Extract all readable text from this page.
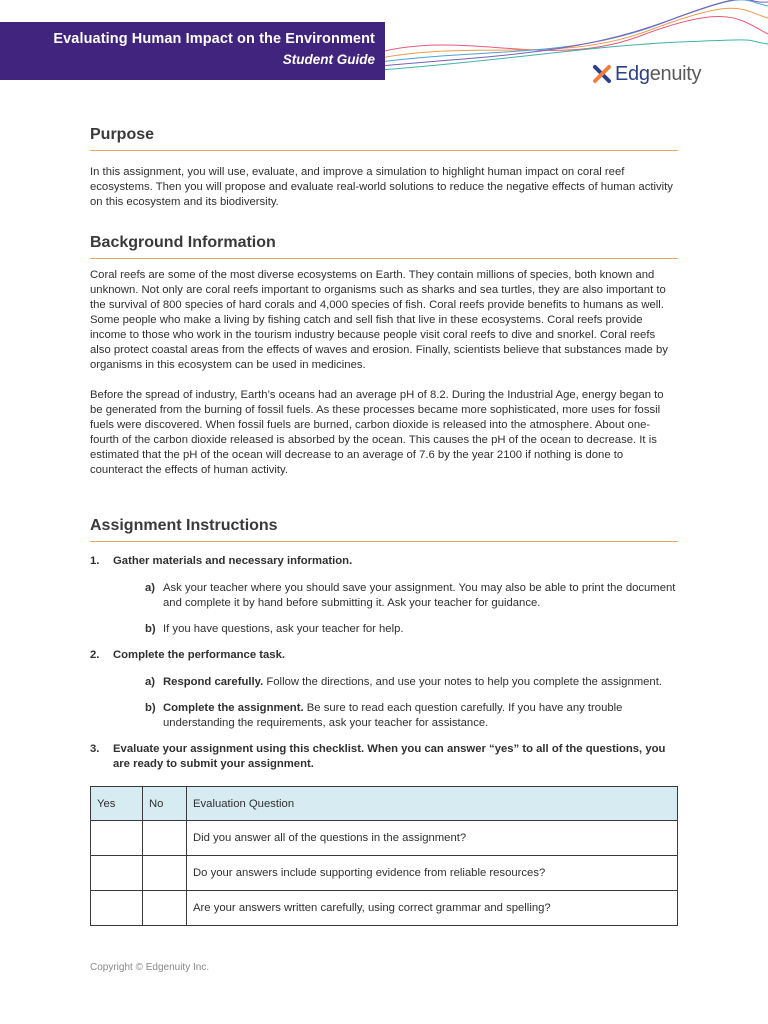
Evaluating Human Impact on the Environment
Student Guide
Edgenuity
Purpose

In this assignment, you will use, evaluate, and improve a simulation to highlight human impact on coral reef ecosystems. Then you will propose and evaluate real-world solutions to reduce the negative effects of human activity on this ecosystem and its biodiversity.

Background Information

Coral reefs are some of the most diverse ecosystems on Earth. They contain millions of species, both known and unknown. Not only are coral reefs important to organisms such as sharks and sea turtles, they are also important to the survival of 800 species of hard corals and 4,000 species of fish. Coral reefs provide benefits to humans as well. Some people who make a living by fishing catch and sell fish that live in these ecosystems. Coral reefs provide income to those who work in the tourism industry because people visit coral reefs to dive and snorkel. Coral reefs also protect coastal areas from the effects of waves and erosion. Finally, scientists believe that substances made by organisms in this ecosystem can be used in medicines.

Before the spread of industry, Earth’s oceans had an average pH of 8.2. During the Industrial Age, energy began to be generated from the burning of fossil fuels. As these processes became more sophisticated, more uses for fossil fuels were discovered. When fossil fuels are burned, carbon dioxide is released into the atmosphere. About one-fourth of the carbon dioxide released is absorbed by the ocean. This causes the pH of the ocean to decrease. It is estimated that the pH of the ocean will decrease to an average of 7.6 by the year 2100 if nothing is done to counteract the effects of human activity.

Assignment Instructions
1.	Gather materials and necessary information.
a) Ask your teacher where you should save your assignment. You may also be able to print the document and complete it by hand before submitting it. Ask your teacher for guidance.
b) If you have questions, ask your teacher for help.
2.	Complete the performance task.
a) Respond carefully. Follow the directions, and use your notes to help you complete the assignment.
b) Complete the assignment. Be sure to read each question carefully. If you have any trouble understanding the requirements, ask your teacher for assistance.
3.	Evaluate your assignment using this checklist. When you can answer “yes” to all of the questions, you are ready to submit your assignment.
Yes	No	Evaluation Question
		Did you answer all of the questions in the assignment?
		Do your answers include supporting evidence from reliable resources?
		Are your answers written carefully, using correct grammar and spelling?
Copyright © Edgenuity Inc.
